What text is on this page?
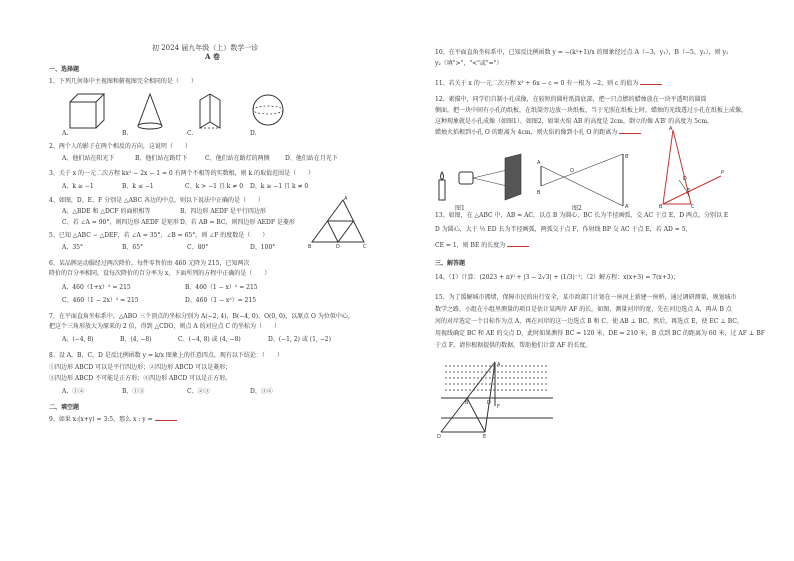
初 2024 届九年级（上）数学一诊
A 卷
一、选择题
1、下列几何体中主视图和俯视图完全相同的是（　　）
A.	B.	C.	D.
2、两个人的影子在两个相反的方向，这说明（　　）
A、他们站在阳光下	B、他们站在路灯下	C、他们站在路灯的两侧	D、他们站在月光下
3、关于 x 的一元二次方程 kx² − 2x − 1 = 0 有两个不相等的实数根，则 k 的取值范围是（　　）
A、k ≥ −1	B、k ≤ −1	C、k > −1 且 k ≠ 0 D、k ≥ −1 且 k ≠ 0
4、如图，D、E、F 分别是 △ABC 各边的中点，则以下说法中正确的是（　　）
A、△BDE 和 △DCF 的面积相等	B、四边形 AEDF 是平行四边形
C、若 ∠A = 90°，则四边形 AEDF 是矩形 D、若 AB = BC，则四边形 AEDF 是菱形
A
B	D	C
5、已知 △ABC ∽ △DEF，若 ∠A = 35°，∠B = 65°，则 ∠F 的度数是（　　）
A、35°	B、65°	C、80°	D、100°
6、某品牌运动服经过两次降价，每件零售价由 460 元降为 215，已知两次
降价的百分率相同，设每次降价的百分率为 x，下面所列的方程中正确的是（　　）
A、460（1+x）² = 215	B、460（1 − x）² = 215
C、460（1 − 2x）² = 215	D、460（1 − x²）= 215
7、在平面直角坐标系中，△ABO 三个顶点的坐标分别为 A(−2, 4)，B(−4, 0)，O(0, 0)，以原点 O 为位似中心，
把这个三角形放大为原来的 2 倍，得到 △CDO，则点 A 的对应点 C 的坐标为（　　）
A、(−4, 8)	B、(4, −8)	C、(−4, 8) 或 (4, −8)	D、(−1, 2) 或 (1, −2)
8、设 A，B，C，D 是反比例函数 y = k/x 图象上的任意四点，现有以下结论：（　　）
①四边形 ABCD 可以是平行四边形；②四边形 ABCD 可以是菱形；
③四边形 ABCD 不可能是正方形；④四边形 ABCD 可以是正方形。
A、①②	B、①③	C、②③	D、③④
二、填空题
9、如果 x:(x+y) = 3:5，那么 x : y =
10、在平面直角坐标系中，已知反比例函数 y = −(k²+1)/x 的图象经过点 A（−3，y₁），B（−5，y₂），则 y₁
y₂（填">"，"<"或"="）
11、若关于 x 的一元二次方程 x² + 6x − c = 0 有一根为 −2，则 c 的值为
12、素描中，同学们自制小孔成像，在较短的圆柱纸筒底部，把一只点燃的蜡烛放在一块平透明的圆筒
侧面，把一块中间有小孔的纸板，在纸筒旁边放一块纸板，当于光照在纸板上时，蜡烛的光线透过小孔在纸板上成像，
这种现象就是小孔成像（如图1）。如图2，如果火焰 AB 的高度是 2cm，倒立的像 A′B′ 的高度为 5cm，
蜡烛火焰根到小孔 O 的距离为 4cm，则火焰的像到小孔 O 的距离为
图1
A
B
O
B′
A′
图2
A
B	C
D
E
P
13、如图，在 △ABC 中，AB = AC，以点 B 为圆心，BC 长为半径画弧，交 AC 于点 E，D 两点，分别以 E
D 为圆心，大于 ½ ED 长为半径画弧，两弧交于点 F，作射线 BP 交 AC 于点 E，若 AD = 5，
CE = 1，则 BE 的长度为
三、解答题
14、（1）计算：(2023 + π)⁰ + |3 − 2√3| + (1/3)⁻¹；（2）解方程：x(x+3) = 7(x+3)；
15、为了缓解城市拥堵，保障市民的出行安全，某市政部门计划在一座河上新建一座桥，通过调研测量，规划城市
数学之路，小组在小组里测量的项目是估计某两岸 AF 的长。如图，测量河岸的宽，先在河边选点 A，再从 B 点
河的对岸选定一个目标作为点 A，再在河岸的这一边选点 B 和 C，使 AB ⊥ BC，然后，再选点 E，使 EC ⊥ BC，
用视线确定 BC 和 AE 的交点 D，此时如果测得 BC = 120 米，DE = 210 米，B 点到 BC 的距离为 60 米，过 AF ⊥ BF
于点 F，请你根据提供的数据，帮助他们计算 AF 的长度。
A
B	D
F
D	E
